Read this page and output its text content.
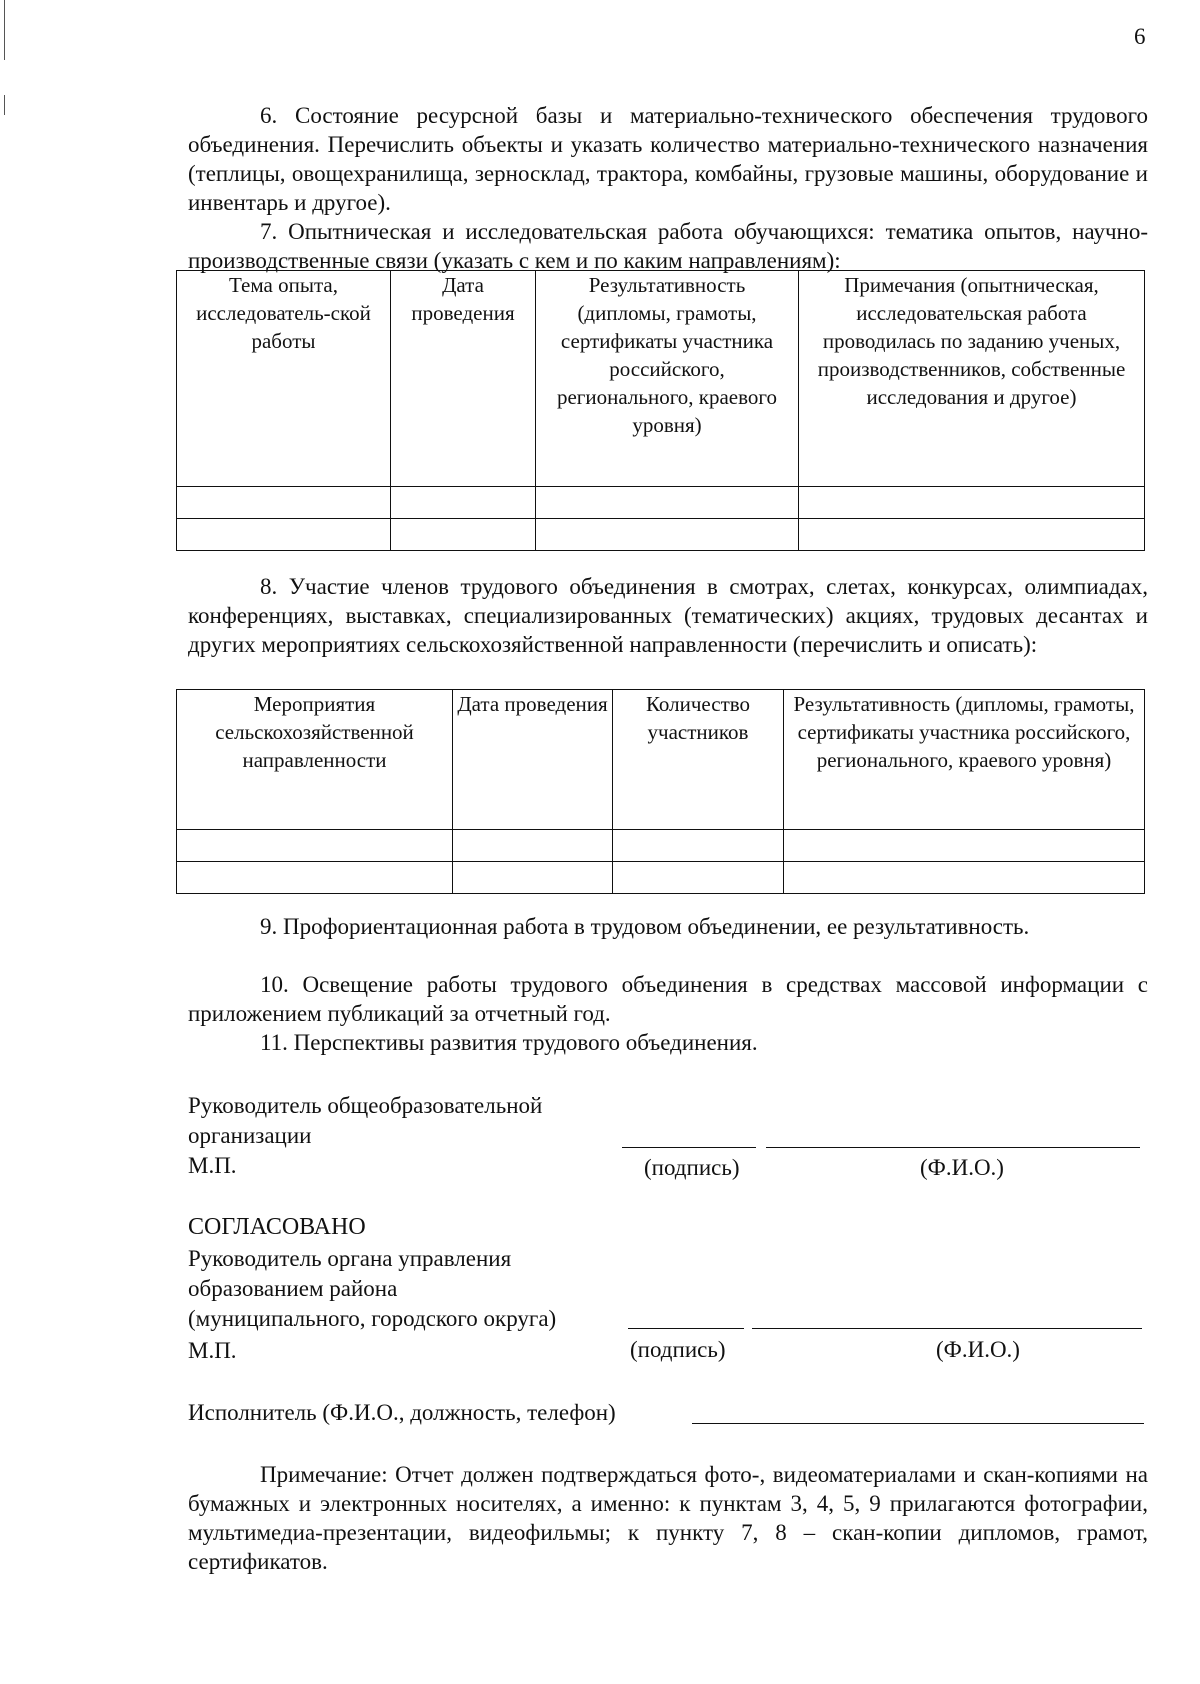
6

6. Состояние ресурсной базы и материально-технического обеспечения трудового объединения. Перечислить объекты и указать количество материально-технического назначения (теплицы, овощехранилища, зерносклад, трактора, комбайны, грузовые машины, оборудование и инвентарь и другое).

7. Опытническая и исследовательская работа обучающихся: тематика опытов, научно-производственные связи (указать с кем и по каким направлениям):

Тема опыта, исследователь-ской работы	Дата проведения	Результативность (дипломы, грамоты, сертификаты участника российского, регионального, краевого уровня)	Примечания (опытническая, исследовательская работа проводилась по заданию ученых, производственников, собственные исследования и другое)

8. Участие членов трудового объединения в смотрах, слетах, конкурсах, олимпиадах, конференциях, выставках, специализированных (тематических) акциях, трудовых десантах и других мероприятиях сельскохозяйственной направленности (перечислить и описать):

Мероприятия сельскохозяйственной направленности	Дата проведения	Количество участников	Результативность (дипломы, грамоты, сертификаты участника российского, регионального, краевого уровня)

9. Профориентационная работа в трудовом объединении, ее результативность.

10. Освещение работы трудового объединения в средствах массовой информации с приложением публикаций за отчетный год.

11. Перспективы развития трудового объединения.

Руководитель общеобразовательной
организации
М.П.	(подпись)	(Ф.И.О.)
СОГЛАСОВАНО
Руководитель органа управления
образованием района
(муниципального, городского округа)
М.П.	(подпись)	(Ф.И.О.)
Исполнитель (Ф.И.О., должность, телефон)

Примечание: Отчет должен подтверждаться фото-, видеоматериалами и скан-копиями на бумажных и электронных носителях, а именно: к пунктам 3, 4, 5, 9 прилагаются фотографии, мультимедиа-презентации, видеофильмы; к пункту 7, 8 – скан-копии дипломов, грамот, сертификатов.
